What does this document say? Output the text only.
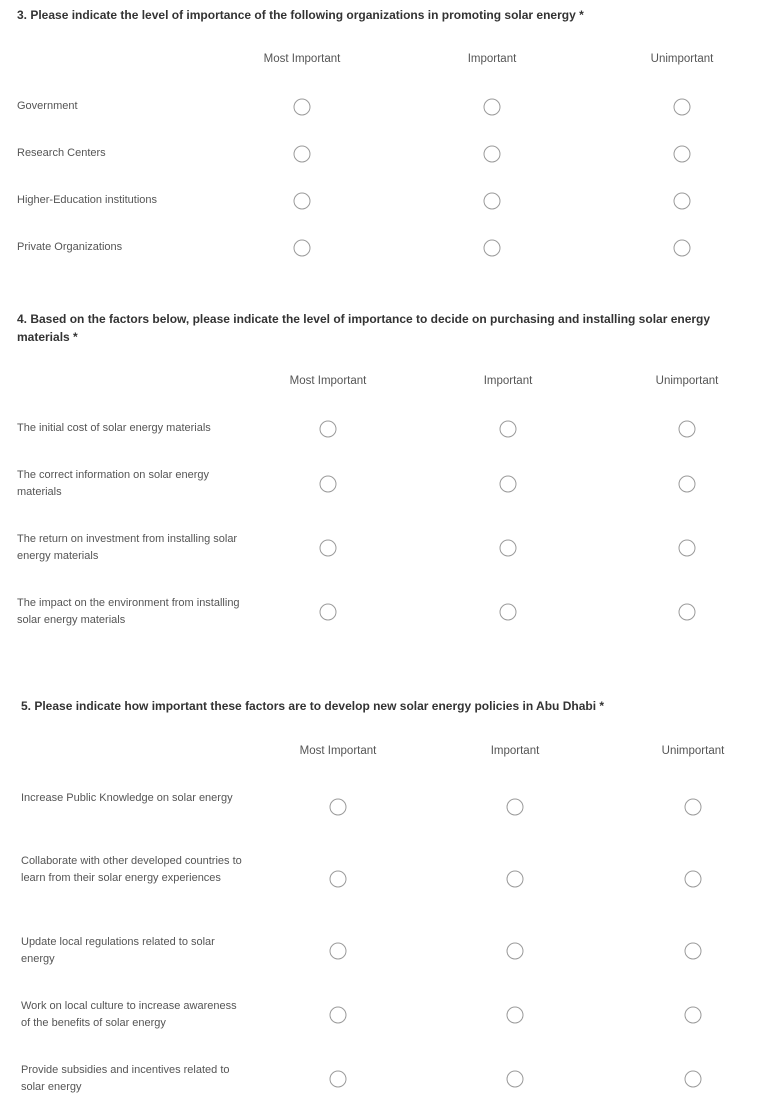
3. Please indicate the level of importance of the following organizations in promoting solar energy *
Most Important	Important	Unimportant
Government
Research Centers
Higher-Education institutions
Private Organizations
4. Based on the factors below, please indicate the level of importance to decide on purchasing and installing solar energy materials *
Most Important	Important	Unimportant
The initial cost of solar energy materials
The correct information on solar energy materials
The return on investment from installing solar energy materials
The impact on the environment from installing solar energy materials
5. Please indicate how important these factors are to develop new solar energy policies in Abu Dhabi *
Most Important	Important	Unimportant
Increase Public Knowledge on solar energy
Collaborate with other developed countries to learn from their solar energy experiences
Update local regulations related to solar energy
Work on local culture to increase awareness of the benefits of solar energy
Provide subsidies and incentives related to solar energy
